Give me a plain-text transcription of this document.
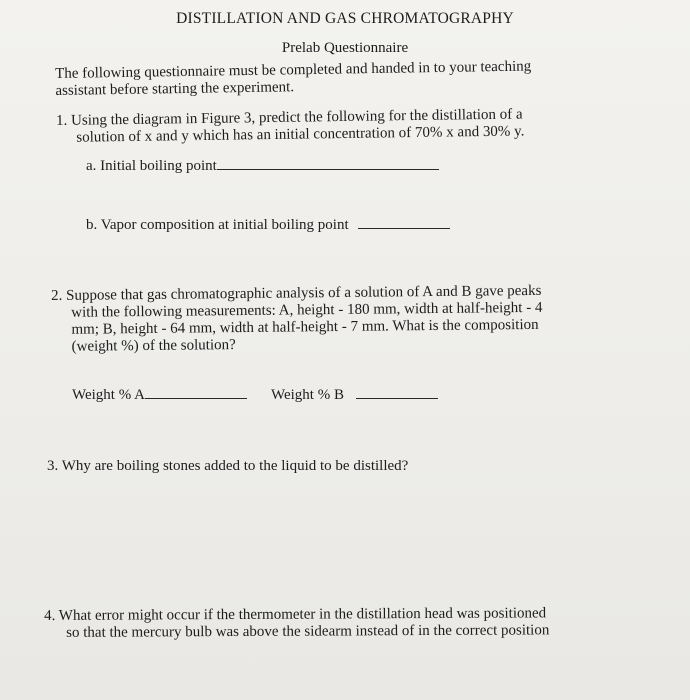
DISTILLATION AND GAS CHROMATOGRAPHY
Prelab Questionnaire
The following questionnaire must be completed and handed in to your teaching
assistant before starting the experiment.
1. Using the diagram in Figure 3, predict the following for the distillation of a
solution of x and y which has an initial concentration of 70% x and 30% y.
a. Initial boiling point
b. Vapor composition at initial boiling point
2. Suppose that gas chromatographic analysis of a solution of A and B gave peaks
with the following measurements: A, height - 180 mm, width at half-height - 4
mm; B, height - 64 mm, width at half-height - 7 mm. What is the composition
(weight %) of the solution?
Weight % A	Weight % B
3. Why are boiling stones added to the liquid to be distilled?
4. What error might occur if the thermometer in the distillation head was positioned
so that the mercury bulb was above the sidearm instead of in the correct position
